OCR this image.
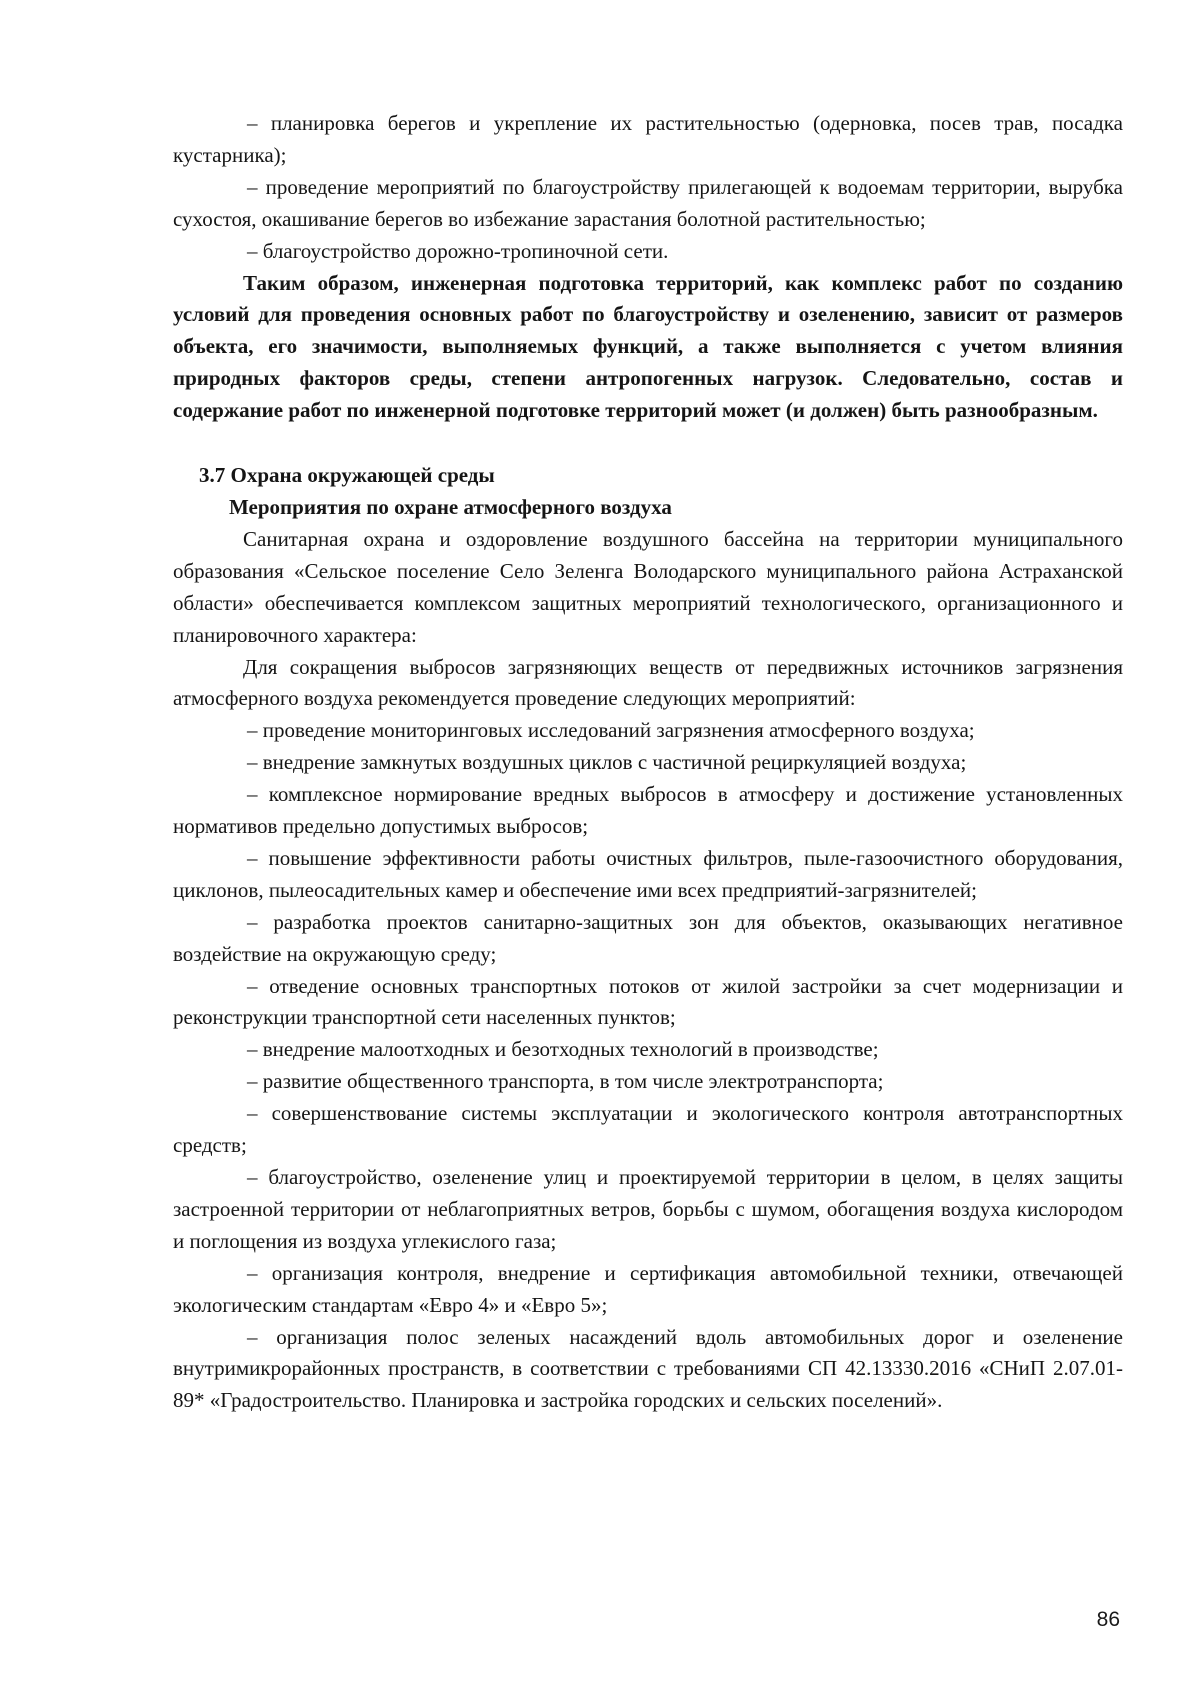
– планировка берегов и укрепление их растительностью (одерновка, посев трав, посадка кустарника);

– проведение мероприятий по благоустройству прилегающей к водоемам территории, вырубка сухостоя, окашивание берегов во избежание зарастания болотной растительностью;

– благоустройство дорожно-тропиночной сети.

Таким образом, инженерная подготовка территорий, как комплекс работ по созданию условий для проведения основных работ по благоустройству и озеленению, зависит от размеров объекта, его значимости, выполняемых функций, а также выполняется с учетом влияния природных факторов среды, степени антропогенных нагрузок. Следовательно, состав и содержание работ по инженерной подготовке территорий может (и должен) быть разнообразным.

3.7 Охрана окружающей среды

Мероприятия по охране атмосферного воздуха

Санитарная охрана и оздоровление воздушного бассейна на территории муниципального образования «Сельское поселение Село Зеленга Володарского муниципального района Астраханской области» обеспечивается комплексом защитных мероприятий технологического, организационного и планировочного характера:

Для сокращения выбросов загрязняющих веществ от передвижных источников загрязнения атмосферного воздуха рекомендуется проведение следующих мероприятий:

– проведение мониторинговых исследований загрязнения атмосферного воздуха;

– внедрение замкнутых воздушных циклов с частичной рециркуляцией воздуха;

– комплексное нормирование вредных выбросов в атмосферу и достижение установленных нормативов предельно допустимых выбросов;

– повышение эффективности работы очистных фильтров, пыле-газоочистного оборудования, циклонов, пылеосадительных камер и обеспечение ими всех предприятий-загрязнителей;

– разработка проектов санитарно-защитных зон для объектов, оказывающих негативное воздействие на окружающую среду;

– отведение основных транспортных потоков от жилой застройки за счет модернизации и реконструкции транспортной сети населенных пунктов;

– внедрение малоотходных и безотходных технологий в производстве;

– развитие общественного транспорта, в том числе электротранспорта;

– совершенствование системы эксплуатации и экологического контроля автотранспортных средств;

– благоустройство, озеленение улиц и проектируемой территории в целом, в целях защиты застроенной территории от неблагоприятных ветров, борьбы с шумом, обогащения воздуха кислородом и поглощения из воздуха углекислого газа;

– организация контроля, внедрение и сертификация автомобильной техники, отвечающей экологическим стандартам «Евро 4» и «Евро 5»;

– организация полос зеленых насаждений вдоль автомобильных дорог и озеленение внутримикрорайонных пространств, в соответствии с требованиями СП 42.13330.2016 «СНиП 2.07.01-89* «Градостроительство. Планировка и застройка городских и сельских поселений».

86
